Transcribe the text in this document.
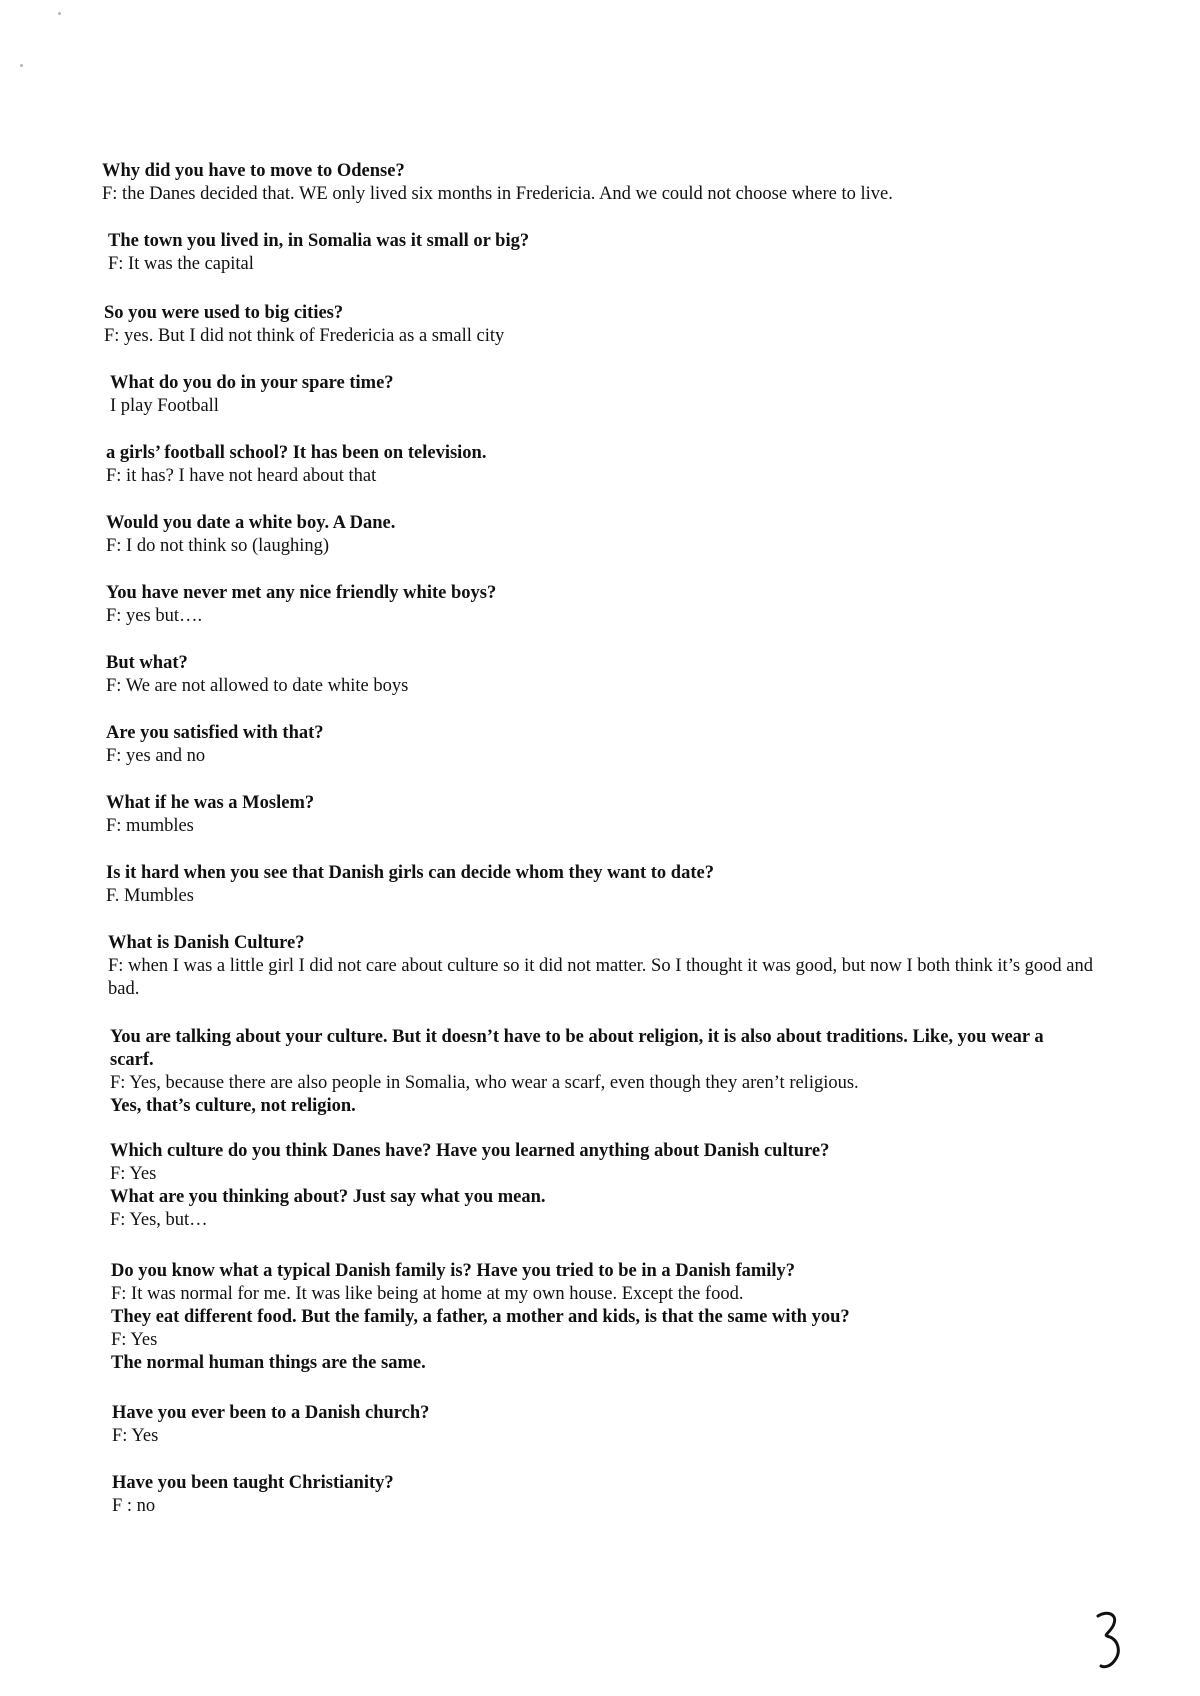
Why did you have to move to Odense?
F: the Danes decided that. WE only lived six months in Fredericia. And we could not choose where to live.
The town you lived in, in Somalia was it small or big?
F: It was the capital
So you were used to big cities?
F: yes. But I did not think of Fredericia as a small city
What do you do in your spare time?
I play Football
a girls’ football school? It has been on television.
F: it has? I have not heard about that
Would you date a white boy. A Dane.
F: I do not think so (laughing)
You have never met any nice friendly white boys?
F: yes but….
But what?
F: We are not allowed to date white boys
Are you satisfied with that?
F: yes and no
What if he was a Moslem?
F: mumbles
Is it hard when you see that Danish girls can decide whom they want to date?
F. Mumbles
What is Danish Culture?
F: when I was a little girl I did not care about culture so it did not matter. So I thought it was good, but now I both think it’s good and bad.
You are talking about your culture. But it doesn’t have to be about religion, it is also about traditions. Like, you wear a scarf.
F: Yes, because there are also people in Somalia, who wear a scarf, even though they aren’t religious.
Yes, that’s culture, not religion.
Which culture do you think Danes have? Have you learned anything about Danish culture?
F: Yes
What are you thinking about? Just say what you mean.
F: Yes, but…
Do you know what a typical Danish family is? Have you tried to be in a Danish family?
F: It was normal for me. It was like being at home at my own house. Except the food.
They eat different food. But the family, a father, a mother and kids, is that the same with you?
F: Yes
The normal human things are the same.
Have you ever been to a Danish church?
F: Yes
Have you been taught Christianity?
F : no
